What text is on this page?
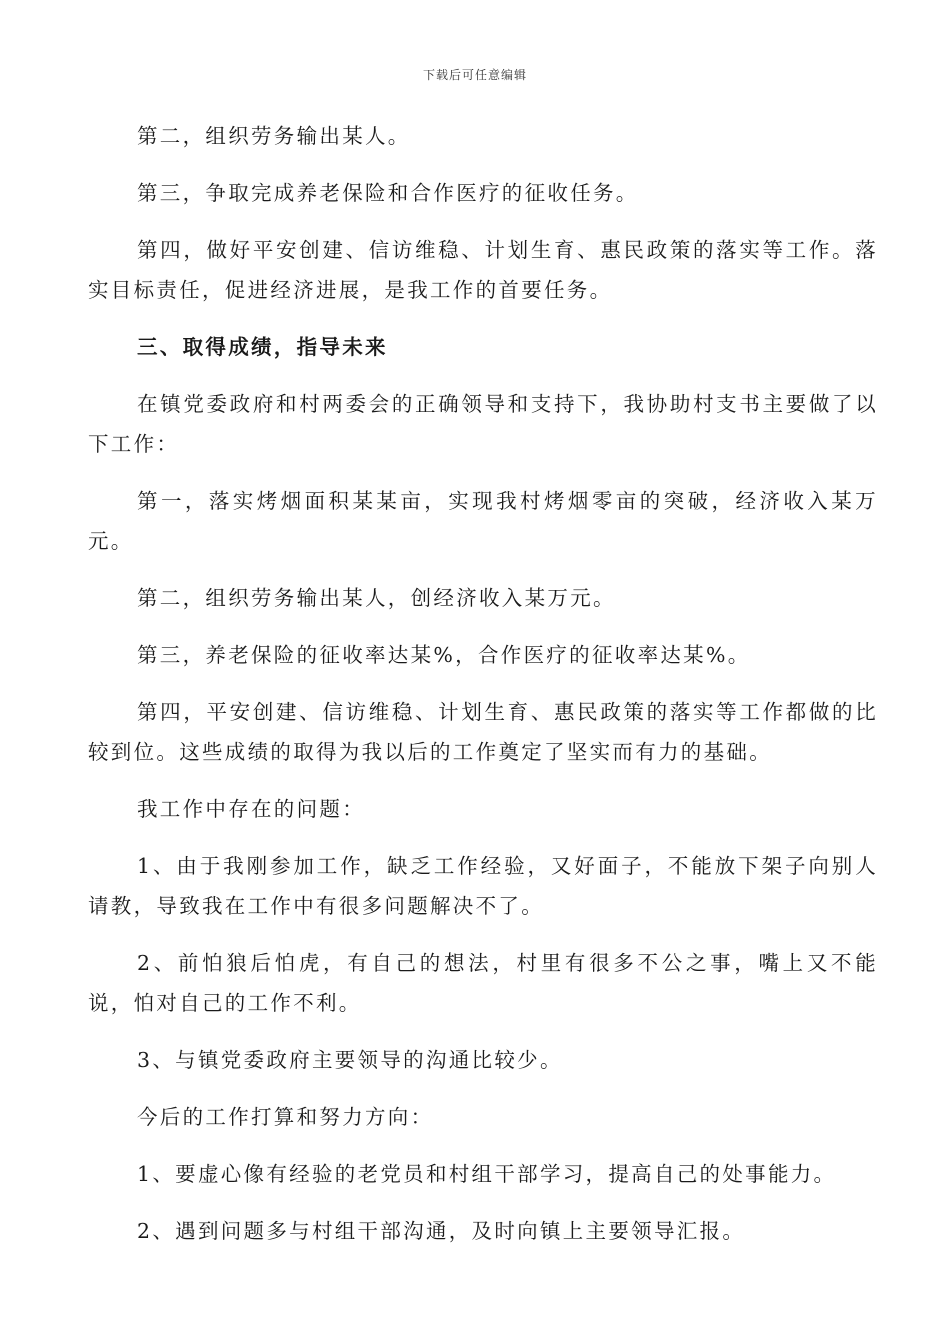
下载后可任意编辑

第二，组织劳务输出某人。

第三，争取完成养老保险和合作医疗的征收任务。

第四，做好平安创建、信访维稳、计划生育、惠民政策的落实等工作。落实目标责任，促进经济进展，是我工作的首要任务。

三、取得成绩，指导未来

在镇党委政府和村两委会的正确领导和支持下，我协助村支书主要做了以下工作：

第一，落实烤烟面积某某亩，实现我村烤烟零亩的突破，经济收入某万元。

第二，组织劳务输出某人，创经济收入某万元。

第三，养老保险的征收率达某%，合作医疗的征收率达某%。

第四，平安创建、信访维稳、计划生育、惠民政策的落实等工作都做的比较到位。这些成绩的取得为我以后的工作奠定了坚实而有力的基础。

我工作中存在的问题：

1、由于我刚参加工作，缺乏工作经验，又好面子，不能放下架子向别人请教，导致我在工作中有很多问题解决不了。

2、前怕狼后怕虎，有自己的想法，村里有很多不公之事，嘴上又不能说，怕对自己的工作不利。

3、与镇党委政府主要领导的沟通比较少。

今后的工作打算和努力方向：

1、要虚心像有经验的老党员和村组干部学习，提高自己的处事能力。

2、遇到问题多与村组干部沟通，及时向镇上主要领导汇报。
